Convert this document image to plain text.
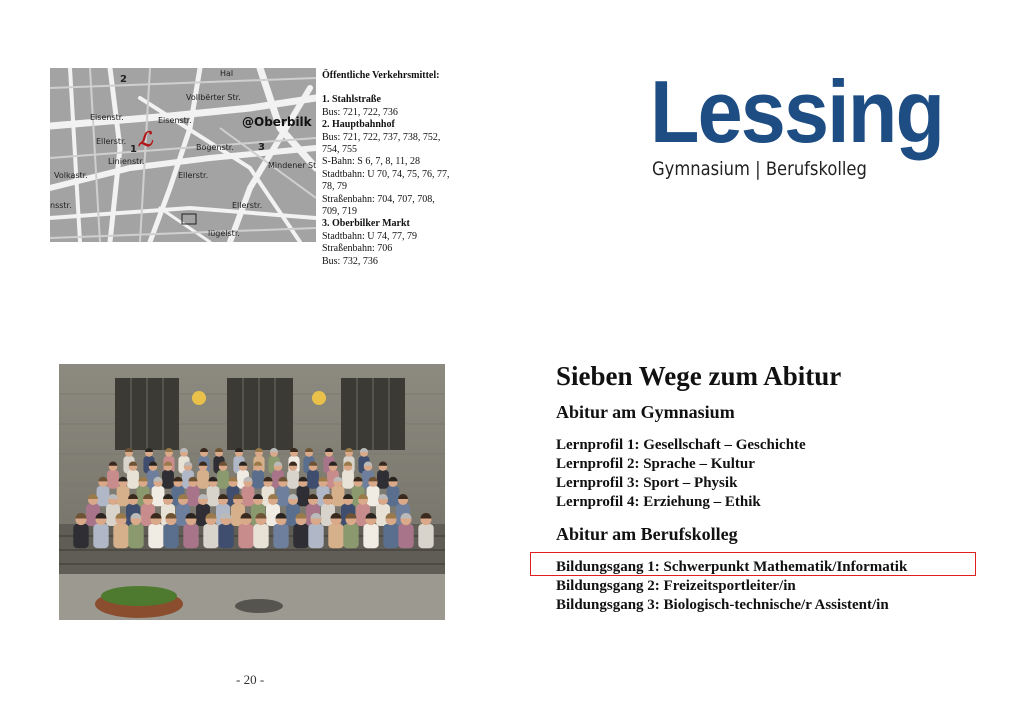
2
Vollbërter Str.
Eisenstr.	Eisenstr.	@Oberbilk
Ellerstr.
Bogenstr. 3
1
Linienstr.
Volkastr.	Ellerstr.
Mindener St
nsstr.	Ellerstr.
lügelstr.
Hal
ℒ
Öffentliche Verkehrsmittel:
1. Stahlstraße
Bus: 721, 722, 736
2. Hauptbahnhof
Bus: 721, 722, 737, 738, 752,
754, 755
S-Bahn: S 6, 7, 8, 11, 28
Stadtbahn: U 70, 74, 75, 76, 77,
78, 79
Straßenbahn: 704, 707, 708,
709, 719
3. Oberbilker Markt
Stadtbahn: U 74, 77, 79
Straßenbahn: 706
Bus: 732, 736
Lessing
Gymnasium | Berufskolleg
Sieben Wege zum Abitur
Abitur am Gymnasium
Lernprofil 1: Gesellschaft – Geschichte
Lernprofil 2: Sprache – Kultur
Lernprofil 3: Sport – Physik
Lernprofil 4: Erziehung – Ethik
Abitur am Berufskolleg
Bildungsgang 1: Schwerpunkt Mathematik/Informatik
Bildungsgang 2: Freizeitsportleiter/in
Bildungsgang 3: Biologisch-technische/r Assistent/in
- 20 -
